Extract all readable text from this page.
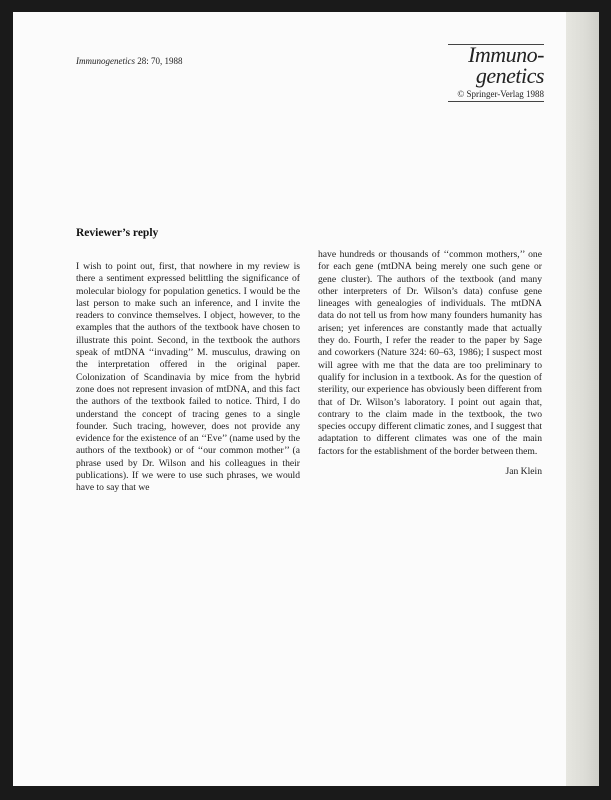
Immunogenetics 28: 70, 1988	Immuno-
genetics
© Springer-Verlag 1988
Reviewer’s reply
I wish to point out, first, that nowhere in my review is there a sentiment expressed belittling the significance of molecular biology for population genetics. I would be the last person to make such an inference, and I invite the readers to convince themselves. I object, however, to the examples that the authors of the textbook have chosen to illustrate this point. Second, in the textbook the authors speak of mtDNA ‘‘invading’’ M. musculus, drawing on the interpretation offered in the original paper. Colonization of Scandinavia by mice from the hybrid zone does not represent invasion of mtDNA, and this fact the authors of the textbook failed to notice. Third, I do understand the concept of tracing genes to a single founder. Such tracing, however, does not provide any evidence for the existence of an ‘‘Eve’’ (name used by the authors of the textbook) or of ‘‘our common mother’’ (a phrase used by Dr. Wilson and his colleagues in their publications). If we were to use such phrases, we would have to say that we
have hundreds or thousands of ‘‘common mothers,’’ one for each gene (mtDNA being merely one such gene or gene cluster). The authors of the textbook (and many other interpreters of Dr. Wilson’s data) confuse gene lineages with genealogies of individuals. The mtDNA data do not tell us from how many founders humanity has arisen; yet inferences are constantly made that actually they do. Fourth, I refer the reader to the paper by Sage and coworkers (Nature 324: 60–63, 1986); I suspect most will agree with me that the data are too preliminary to qualify for inclusion in a textbook. As for the question of sterility, our experience has obviously been different from that of Dr. Wilson’s laboratory. I point out again that, contrary to the claim made in the textbook, the two species occupy different climatic zones, and I suggest that adaptation to different climates was one of the main factors for the establishment of the border between them.
Jan Klein
